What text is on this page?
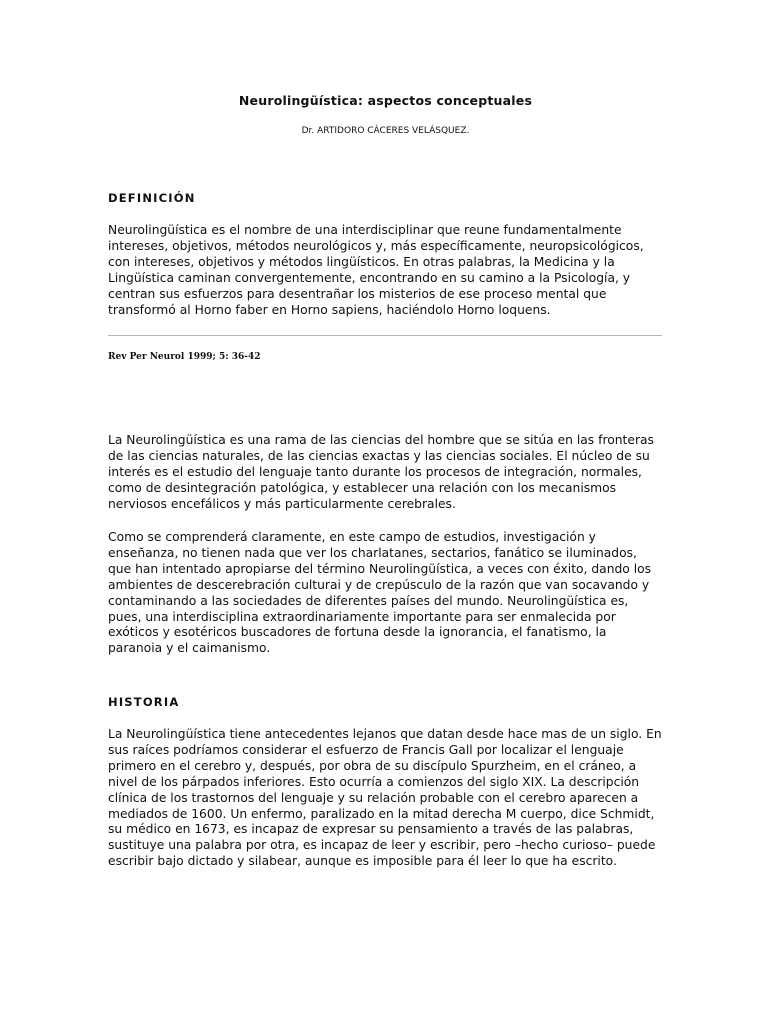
Neurolingüística: aspectos conceptuales
Dr. ARTIDORO CÁCERES VELÁSQUEZ.
DEFINICIÓN

Neurolingüística es el nombre de una interdisciplinar que reune fundamentalmente intereses, objetivos, métodos neurológicos y, más específicamente, neuropsicológicos, con intereses, objetivos y métodos lingüísticos. En otras palabras, la Medicina y la Lingüística caminan convergentemente, encontrando en su camino a la Psicología, y centran sus esfuerzos para desentrañar los misterios de ese proceso mental que transformó al Horno faber en Horno sapiens, haciéndolo Horno loquens.

Rev Per Neurol 1999; 5: 36-42

La Neurolingüística es una rama de las ciencias del hombre que se sitúa en las fronteras de las ciencias naturales, de las ciencias exactas y las ciencias sociales. El núcleo de su interés es el estudio del lenguaje tanto durante los procesos de integración, normales, como de desintegración patológica, y establecer una relación con los mecanismos nerviosos encefálicos y más particularmente cerebrales.

Como se comprenderá claramente, en este campo de estudios, investigación y enseñanza, no tienen nada que ver los charlatanes, sectarios, fanático se iluminados, que han intentado apropiarse del término Neurolingüística, a veces con éxito, dando los ambientes de descerebración culturai y de crepúsculo de la razón que van socavando y contaminando a las sociedades de diferentes países del mundo. Neurolingüística es, pues, una interdisciplina extraordinariamente importante para ser enmalecida por exóticos y esotéricos buscadores de fortuna desde la ignorancia, el fanatismo, la paranoia y el caimanismo.

HISTORIA

La Neurolingüística tiene antecedentes lejanos que datan desde hace mas de un siglo. En sus raíces podríamos considerar el esfuerzo de Francis Gall por localizar el lenguaje primero en el cerebro y, después, por obra de su discípulo Spurzheim, en el cráneo, a nivel de los párpados inferiores. Esto ocurría a comienzos del siglo XIX. La descripción clínica de los trastornos del lenguaje y su relación probable con el cerebro aparecen a mediados de 1600. Un enfermo, paralizado en la mitad derecha M cuerpo, dice Schmidt, su médico en 1673, es incapaz de expresar su pensamiento a través de las palabras, sustituye una palabra por otra, es incapaz de leer y escribir, pero –hecho curioso– puede escribir bajo dictado y silabear, aunque es imposible para él leer lo que ha escrito.
